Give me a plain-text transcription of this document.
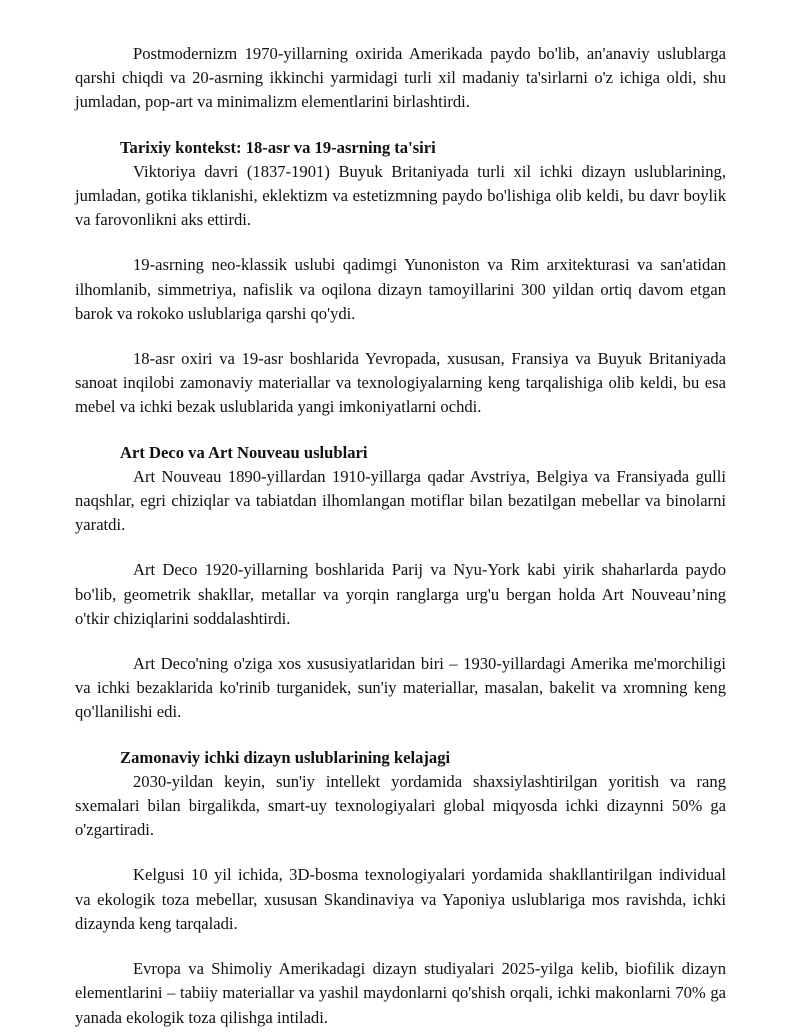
Postmodernizm 1970-yillarning oxirida Amerikada paydo bo'lib, an'anaviy uslublarga qarshi chiqdi va 20-asrning ikkinchi yarmidagi turli xil madaniy ta'sirlarni o'z ichiga oldi, shu jumladan, pop-art va minimalizm elementlarini birlashtirdi.

Tarixiy kontekst: 18-asr va 19-asrning ta'siri

Viktoriya davri (1837-1901) Buyuk Britaniyada turli xil ichki dizayn uslublarining, jumladan, gotika tiklanishi, eklektizm va estetizmning paydo bo'lishiga olib keldi, bu davr boylik va farovonlikni aks ettirdi.

19-asrning neo-klassik uslubi qadimgi Yunoniston va Rim arxitekturasi va san'atidan ilhomlanib, simmetriya, nafislik va oqilona dizayn tamoyillarini 300 yildan ortiq davom etgan barok va rokoko uslublariga qarshi qo'ydi.

18-asr oxiri va 19-asr boshlarida Yevropada, xususan, Fransiya va Buyuk Britaniyada sanoat inqilobi zamonaviy materiallar va texnologiyalarning keng tarqalishiga olib keldi, bu esa mebel va ichki bezak uslublarida yangi imkoniyatlarni ochdi.

Art Deco va Art Nouveau uslublari

Art Nouveau 1890-yillardan 1910-yillarga qadar Avstriya, Belgiya va Fransiyada gulli naqshlar, egri chiziqlar va tabiatdan ilhomlangan motiflar bilan bezatilgan mebellar va binolarni yaratdi.

Art Deco 1920-yillarning boshlarida Parij va Nyu-York kabi yirik shaharlarda paydo bo'lib, geometrik shakllar, metallar va yorqin ranglarga urg'u bergan holda Art Nouveau’ning o'tkir chiziqlarini soddalashtirdi.

Art Deco'ning o'ziga xos xususiyatlaridan biri – 1930-yillardagi Amerika me'morchiligi va ichki bezaklarida ko'rinib turganidek, sun'iy materiallar, masalan, bakelit va xromning keng qo'llanilishi edi.

Zamonaviy ichki dizayn uslublarining kelajagi

2030-yildan keyin, sun'iy intellekt yordamida shaxsiylashtirilgan yoritish va rang sxemalari bilan birgalikda, smart-uy texnologiyalari global miqyosda ichki dizaynni 50% ga o'zgartiradi.

Kelgusi 10 yil ichida, 3D-bosma texnologiyalari yordamida shakllantirilgan individual va ekologik toza mebellar, xususan Skandinaviya va Yaponiya uslublariga mos ravishda, ichki dizaynda keng tarqaladi.

Evropa va Shimoliy Amerikadagi dizayn studiyalari 2025-yilga kelib, biofilik dizayn elementlarini – tabiiy materiallar va yashil maydonlarni qo'shish orqali, ichki makonlarni 70% ga yanada ekologik toza qilishga intiladi.
